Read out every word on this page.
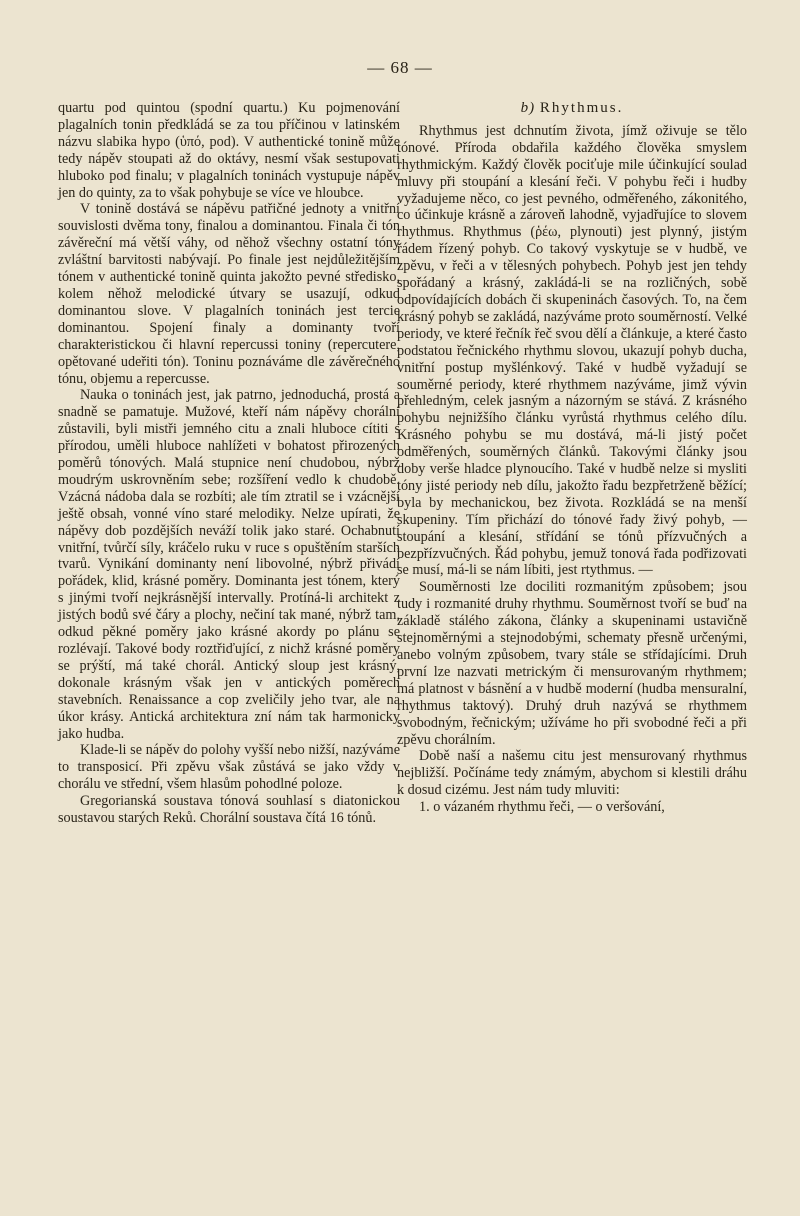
— 68 —

quartu pod quintou (spodní quartu.) Ku pojmenování plagalních tonin předkládá se za tou příčinou v latinském názvu slabika hypo (ὑπό, pod). V authentické tonině může tedy nápěv stoupati až do oktávy, nesmí však sestupovati hluboko pod finalu; v plagalních toninách vystupuje nápěv jen do quinty, za to však pohybuje se více ve hloubce.

V tonině dostává se nápěvu patřičné jednoty a vnitřní souvislosti dvěma tony, finalou a dominantou. Finala či tón závěreční má větší váhy, od něhož všechny ostatní tóny zvláštní barvitosti nabývají. Po finale jest nejdůležitějším tónem v authentické tonině quinta jakožto pevné středisko, kolem něhož melodické útvary se usazují, odkud dominantou slove. V plagalních toninách jest tercie dominantou. Spojení finaly a dominanty tvoří charakteristickou či hlavní repercussi toniny (repercutere, opětované udeřiti tón). Toninu poznáváme dle závěrečného tónu, objemu a repercusse.

Nauka o toninách jest, jak patrno, jednoduchá, prostá a snadně se pamatuje. Mužové, kteří nám nápěvy chorální zůstavili, byli mistři jemného citu a znali hluboce cítiti s přírodou, uměli hluboce nahlížeti v bohatost přirozených poměrů tónových. Malá stupnice není chudobou, nýbrž moudrým uskrovněním sebe; rozšíření vedlo k chudobě. Vzácná nádoba dala se rozbíti; ale tím ztratil se i vzácnější ještě obsah, vonné víno staré melodiky. Nelze upírati, že nápěvy dob pozdějších neváží tolik jako staré. Ochabnutí vnitřní, tvůrčí síly, kráčelo ruku v ruce s opuštěním starších tvarů. Vynikání dominanty není libovolné, nýbrž přivádí pořádek, klid, krásné poměry. Dominanta jest tónem, který s jinými tvoří nejkrásnější intervally. Protíná-li architekt z jistých bodů své čáry a plochy, nečiní tak mané, nýbrž tam, odkud pěkné poměry jako krásné akordy po plánu se rozlévají. Takové body roztřiďující, z nichž krásné poměry se prýští, má také chorál. Antický sloup jest krásný, dokonale krásným však jen v antických poměrech stavebních. Renaissance a cop zveličily jeho tvar, ale na úkor krásy. Antická architektura zní nám tak harmonicky jako hudba.

Klade-li se nápěv do polohy vyšší nebo nižší, nazýváme to transposicí. Při zpěvu však zůstává se jako vždy v chorálu ve střední, všem hlasům pohodlné poloze.

Gregorianská soustava tónová souhlasí s diatonickou soustavou starých Reků. Chorální soustava čítá 16 tónů.

b) Rhythmus.

Rhythmus jest dchnutím života, jímž oživuje se tělo tónové. Příroda obdařila každého člověka smyslem rhythmickým. Každý člověk pociťuje mile účinkující soulad mluvy při stoupání a klesání řeči. V pohybu řeči i hudby vyžadujeme něco, co jest pevného, odměřeného, zákonitého, co účinkuje krásně a zároveň lahodně, vyjadřujíce to slovem rhythmus. Rhythmus (ῥέω, plynouti) jest plynný, jistým řádem řízený pohyb. Co takový vyskytuje se v hudbě, ve zpěvu, v řeči a v tělesných pohybech. Pohyb jest jen tehdy spořádaný a krásný, zakládá-li se na rozličných, sobě odpovídajících dobách či skupeninách časových. To, na čem krásný pohyb se zakládá, nazýváme proto souměrností. Velké periody, ve které řečník řeč svou dělí a článkuje, a které často podstatou řečnického rhythmu slovou, ukazují pohyb ducha, vnitřní postup myšlénkový. Také v hudbě vyžadují se souměrné periody, které rhythmem nazýváme, jimž vývin přehledným, celek jasným a názorným se stává. Z krásného pohybu nejnižšího článku vyrůstá rhythmus celého dílu. Krásného pohybu se mu dostává, má-li jistý počet odměřených, souměrných článků. Takovými články jsou doby verše hladce plynoucího. Také v hudbě nelze si mysliti tóny jisté periody neb dílu, jakožto řadu bezpřetrženě běžící; byla by mechanickou, bez života. Rozkládá se na menší skupeniny. Tím přichází do tónové řady živý pohyb, — stoupání a klesání, střídání se tónů přízvučných a bezpřízvučných. Řád pohybu, jemuž tonová řada podřizovati se musí, má-li se nám líbiti, jest rtythmus. —

Souměrnosti lze dociliti rozmanitým způsobem; jsou tudy i rozmanité druhy rhythmu. Souměrnost tvoří se buď na základě stálého zákona, články a skupeninami ustavičně stejnoměrnými a stejnodobými, schematy přesně určenými, anebo volným způsobem, tvary stále se střídajícími. Druh první lze nazvati metrickým či mensurovaným rhythmem; má platnost v básnění a v hudbě moderní (hudba mensuralní, rhythmus taktový). Druhý druh nazývá se rhythmem svobodným, řečnickým; užíváme ho při svobodné řeči a při zpěvu chorálním.

Době naší a našemu citu jest mensurovaný rhythmus nejbližší. Počínáme tedy známým, abychom si klestili dráhu k dosud cizému. Jest nám tudy mluviti:

1. o vázaném rhythmu řeči, — o veršování,
